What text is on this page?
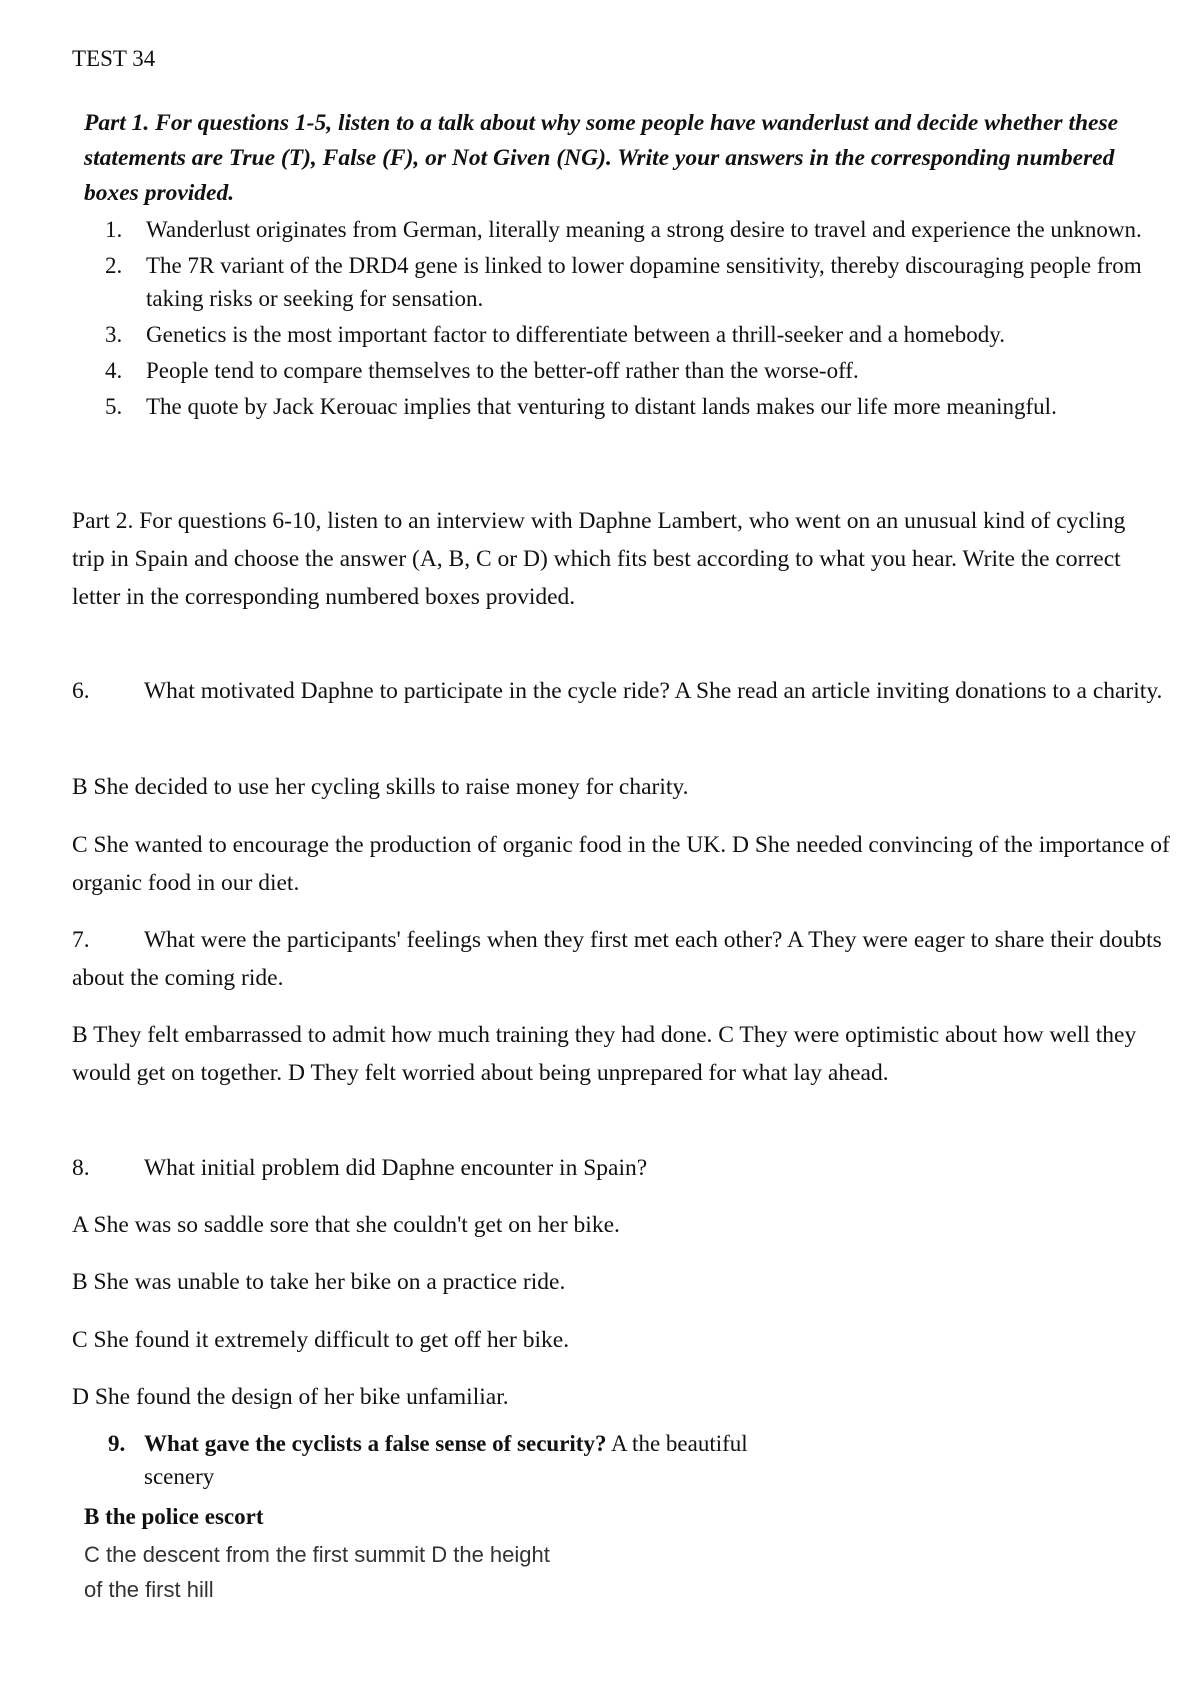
TEST 34
Part 1. For questions 1-5, listen to a talk about why some people have wanderlust and decide whether these statements are True (T), False (F), or Not Given (NG). Write your answers in the corresponding numbered boxes provided.
1. Wanderlust originates from German, literally meaning a strong desire to travel and experience the unknown.
2. The 7R variant of the DRD4 gene is linked to lower dopamine sensitivity, thereby discouraging people from taking risks or seeking for sensation.
3. Genetics is the most important factor to differentiate between a thrill-seeker and a homebody.
4. People tend to compare themselves to the better-off rather than the worse-off.
5. The quote by Jack Kerouac implies that venturing to distant lands makes our life more meaningful.
Part 2. For questions 6-10, listen to an interview with Daphne Lambert, who went on an unusual kind of cycling trip in Spain and choose the answer (A, B, C or D) which fits best according to what you hear. Write the correct letter in the corresponding numbered boxes provided.
6. What motivated Daphne to participate in the cycle ride? A She read an article inviting donations to a charity.
B She decided to use her cycling skills to raise money for charity.
C She wanted to encourage the production of organic food in the UK. D She needed convincing of the importance of organic food in our diet.
7. What were the participants' feelings when they first met each other? A They were eager to share their doubts about the coming ride.
B They felt embarrassed to admit how much training they had done. C They were optimistic about how well they would get on together. D They felt worried about being unprepared for what lay ahead.
8. What initial problem did Daphne encounter in Spain?
A She was so saddle sore that she couldn't get on her bike.
B She was unable to take her bike on a practice ride.
C She found it extremely difficult to get off her bike.
D She found the design of her bike unfamiliar.
9. What gave the cyclists a false sense of security? A the beautiful scenery
B the police escort
C the descent from the first summit D the height
of the first hill
